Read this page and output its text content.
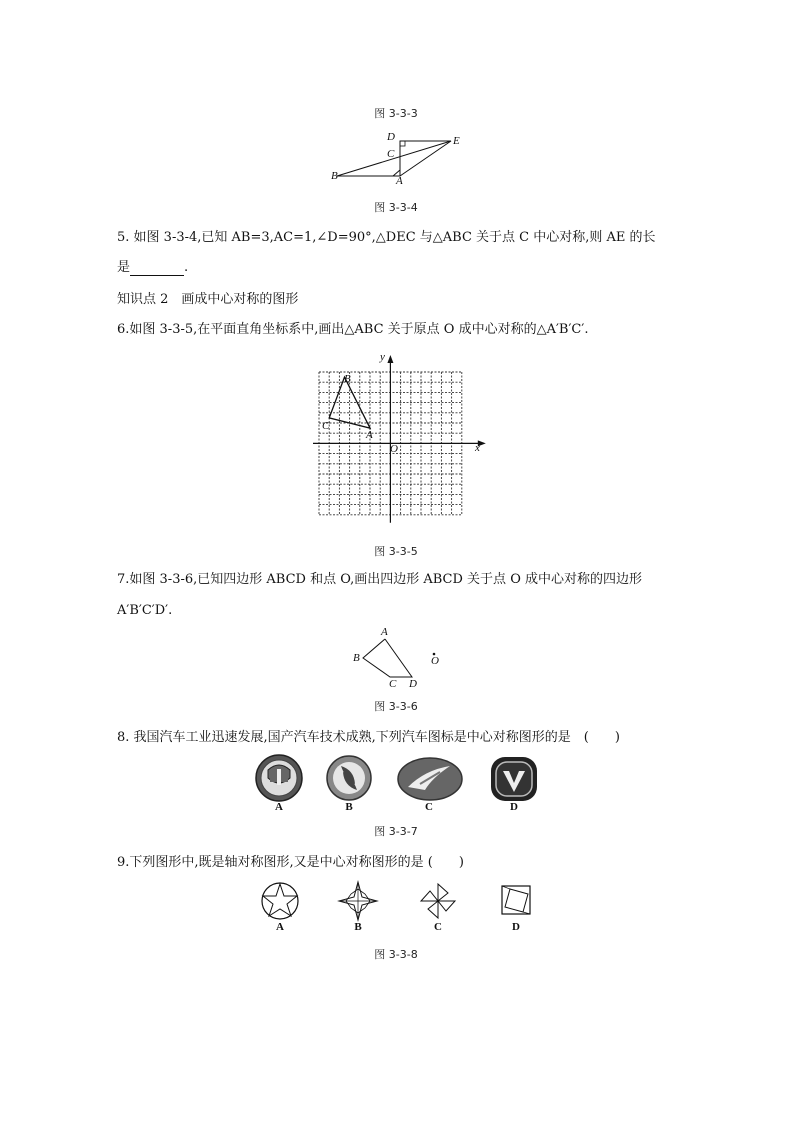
图 3-3-3
D	E
C
B	A
图 3-3-4
5. 如图 3-3-4,已知 AB=3,AC=1,∠D=90°,△DEC 与△ABC 关于点 C 中心对称,则 AE 的长
是	.
知识点 2　画成中心对称的图形
6.如图 3-3-5,在平面直角坐标系中,画出△ABC 关于原点 O 成中心对称的△A′B′C′.
y
x
O
B
C
A
图 3-3-5
7.如图 3-3-6,已知四边形 ABCD 和点 O,画出四边形 ABCD 关于点 O 成中心对称的四边形
A′B′C′D′.
A
B
C D
O
图 3-3-6
8. 我国汽车工业迅速发展,国产汽车技术成熟,下列汽车图标是中心对称图形的是　(　　)
A	B	C	D
图 3-3-7
9.下列图形中,既是轴对称图形,又是中心对称图形的是 (　　)
A	B	C	D
图 3-3-8
